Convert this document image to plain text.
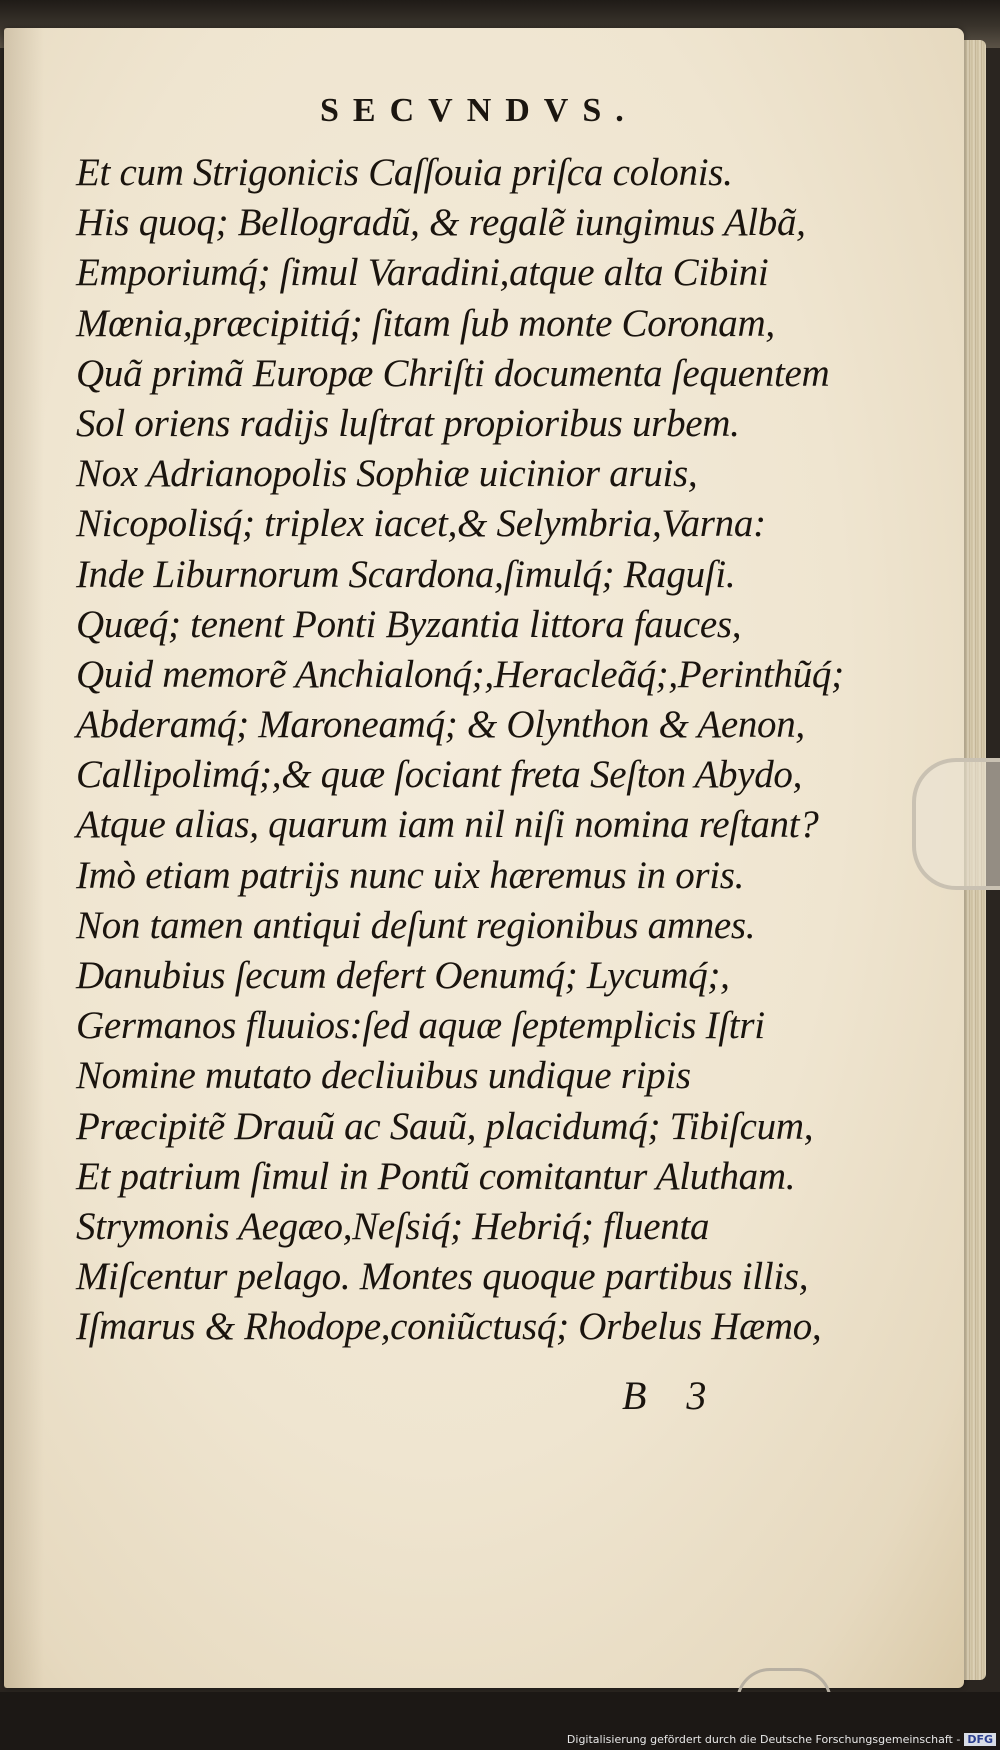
SECVNDVS.
Et cum Strigonicis Caſſouia priſca colonis.
His quoq; Bellogradũ, & regalẽ iungimus Albã,
Emporiumq́; ſimul Varadini,atque alta Cibini
Mœnia,præcipitiq́; ſitam ſub monte Coronam,
Quã primã Europæ Chriſti documenta ſequentem
Sol oriens radijs luſtrat propioribus urbem.
Nox Adrianopolis Sophiæ uicinior aruis,
Nicopolisq́; triplex iacet,& Selymbria,Varna:
Inde Liburnorum Scardona,ſimulq́; Raguſi.
Quæq́; tenent Ponti Byzantia littora fauces,
Quid memorẽ Anchialonq́;,Heracleãq́;,Perinthũq́;
Abderamq́; Maroneamq́; & Olynthon & Aenon,
Callipolimq́;,& quæ ſociant freta Seſton Abydo,
Atque alias, quarum iam nil niſi nomina reſtant?
Imò etiam patrijs nunc uix hæremus in oris.
Non tamen antiqui deſunt regionibus amnes.
Danubius ſecum defert Oenumq́; Lycumq́;,
Germanos fluuios:ſed aquæ ſeptemplicis Iſtri
Nomine mutato decliuibus undique ripis
Præcipitẽ Drauũ ac Sauũ, placidumq́; Tibiſcum,
Et patrium ſimul in Pontũ comitantur Alutham.
Strymonis Aegæo,Neſsiq́; Hebriq́; fluenta
Miſcentur pelago. Montes quoque partibus illis,
Iſmarus & Rhodope,coniũctusq́; Orbelus Hæmo,
B 3
Digitalisierung gefördert durch die Deutsche Forschungsgemeinschaft - DFG
